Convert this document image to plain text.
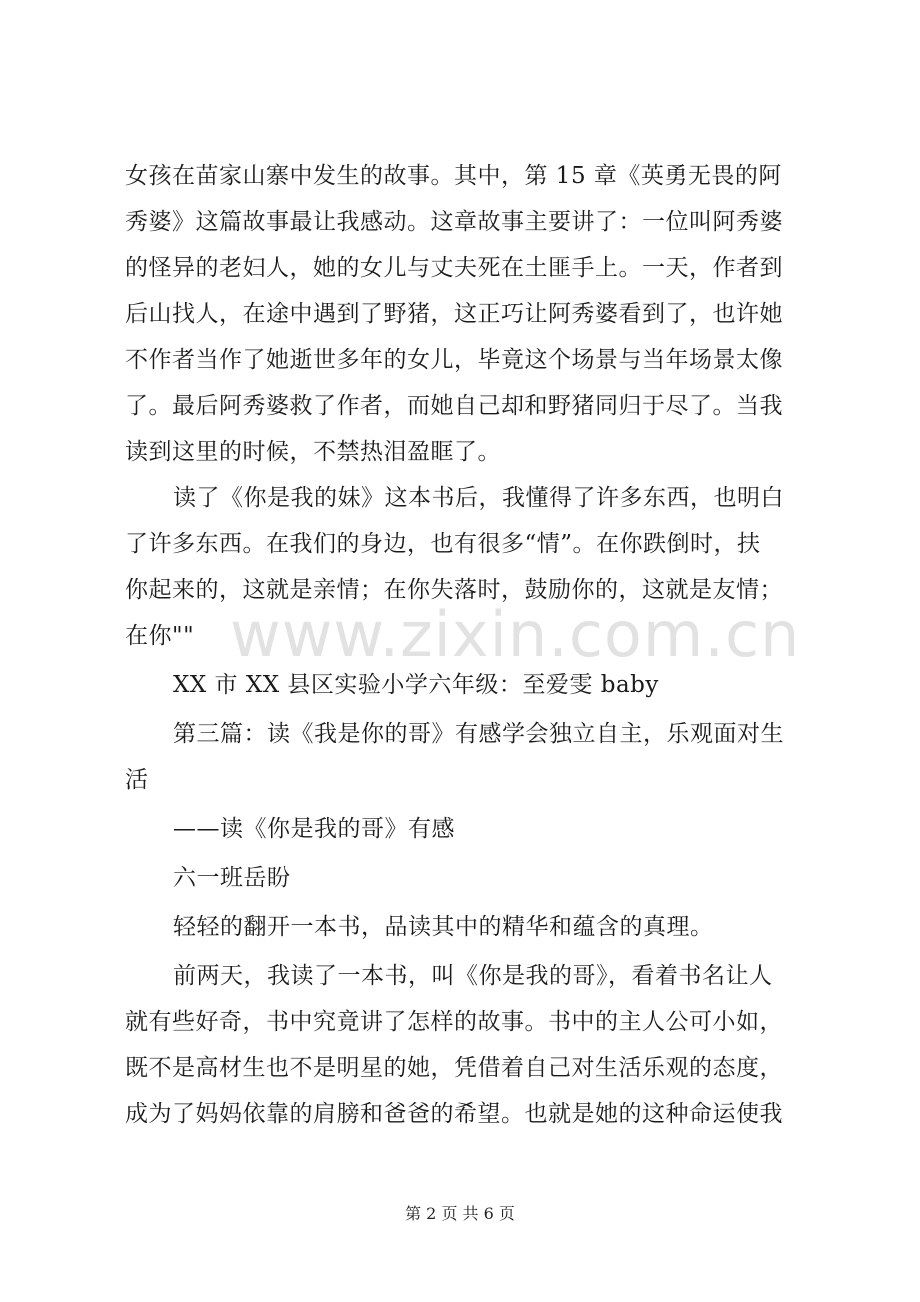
女孩在苗家山寨中发生的故事。其中，第 15 章《英勇无畏的阿
秀婆》这篇故事最让我感动。这章故事主要讲了：一位叫阿秀婆
的怪异的老妇人，她的女儿与丈夫死在土匪手上。一天，作者到
后山找人，在途中遇到了野猪，这正巧让阿秀婆看到了，也许她
不作者当作了她逝世多年的女儿，毕竟这个场景与当年场景太像
了。最后阿秀婆救了作者，而她自己却和野猪同归于尽了。当我
读到这里的时候，不禁热泪盈眶了。
读了《你是我的妹》这本书后，我懂得了许多东西，也明白
了许多东西。在我们的身边，也有很多“情”。在你跌倒时，扶
你起来的，这就是亲情；在你失落时，鼓励你的，这就是友情；
在你""
XX 市 XX 县区实验小学六年级：至爱雯 baby
第三篇：读《我是你的哥》有感学会独立自主，乐观面对生
活
——读《你是我的哥》有感
六一班岳盼
轻轻的翻开一本书，品读其中的精华和蕴含的真理。
前两天，我读了一本书，叫《你是我的哥》，看着书名让人
就有些好奇，书中究竟讲了怎样的故事。书中的主人公可小如，
既不是高材生也不是明星的她，凭借着自己对生活乐观的态度，
成为了妈妈依靠的肩膀和爸爸的希望。也就是她的这种命运使我
www.zixin.com.cn
第 2 页 共 6 页
